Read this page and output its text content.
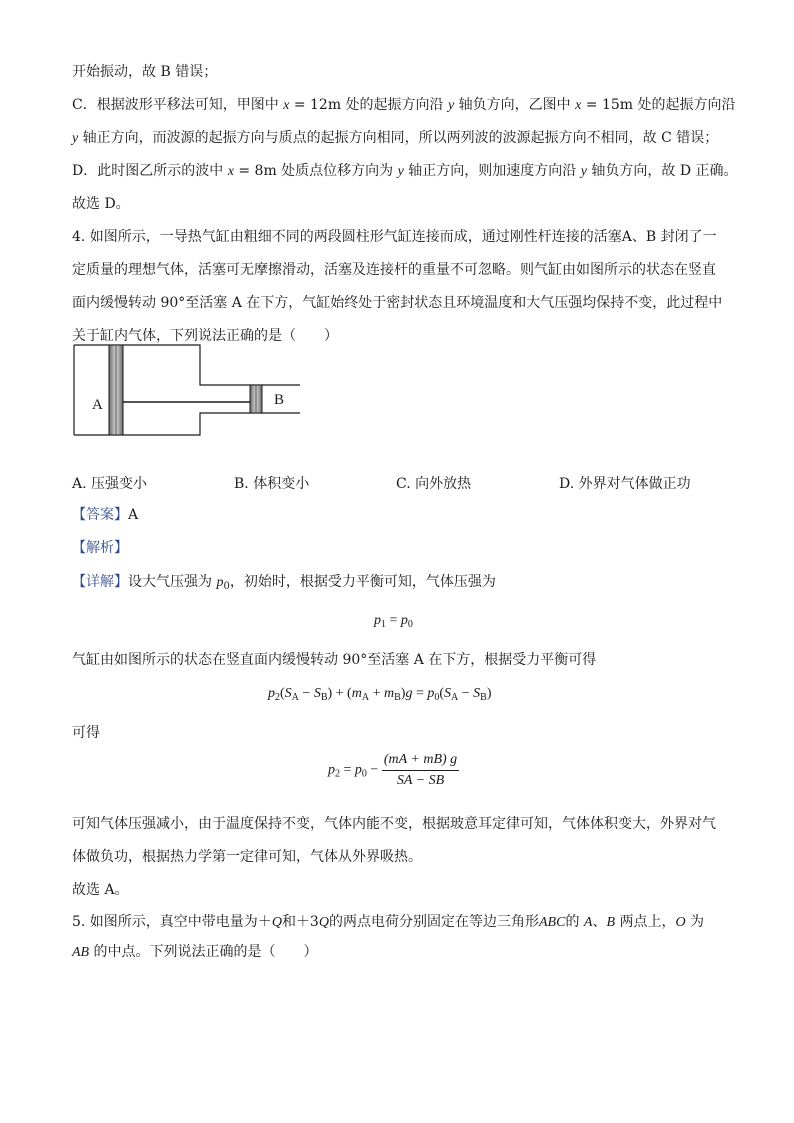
开始振动，故 B 错误；
C．根据波形平移法可知，甲图中 x = 12m 处的起振方向沿 y 轴负方向，乙图中 x = 15m 处的起振方向沿
y 轴正方向，而波源的起振方向与质点的起振方向相同，所以两列波的波源起振方向不相同，故 C 错误；
D．此时图乙所示的波中 x = 8m 处质点位移方向为 y 轴正方向，则加速度方向沿 y 轴负方向，故 D 正确。
故选 D。
4. 如图所示，一导热气缸由粗细不同的两段圆柱形气缸连接而成，通过刚性杆连接的活塞A、B 封闭了一
定质量的理想气体，活塞可无摩擦滑动，活塞及连接杆的重量不可忽略。则气缸由如图所示的状态在竖直
面内缓慢转动 90°至活塞 A 在下方，气缸始终处于密封状态且环境温度和大气压强均保持不变，此过程中
关于缸内气体，下列说法正确的是（　　）
A	B
A. 压强变小	B. 体积变小	C. 向外放热	D. 外界对气体做正功
【答案】A
【解析】
【详解】设大气压强为 $p_0$，初始时，根据受力平衡可知，气体压强为
$p_1 = p_0$
气缸由如图所示的状态在竖直面内缓慢转动 90°至活塞 A 在下方，根据受力平衡可得
$p_2(S_A - S_B) + (m_A + m_B)g = p_0(S_A - S_B)$
可得
$p_2 = p_0 - \frac{(mA + mB) g}{SA - SB}$
可知气体压强减小，由于温度保持不变，气体内能不变，根据玻意耳定律可知，气体体积变大，外界对气
体做负功，根据热力学第一定律可知，气体从外界吸热。
故选 A。
5. 如图所示，真空中带电量为＋Q和＋3Q的两点电荷分别固定在等边三角形ABC的 A、B 两点上，O 为
AB 的中点。下列说法正确的是（　　）
